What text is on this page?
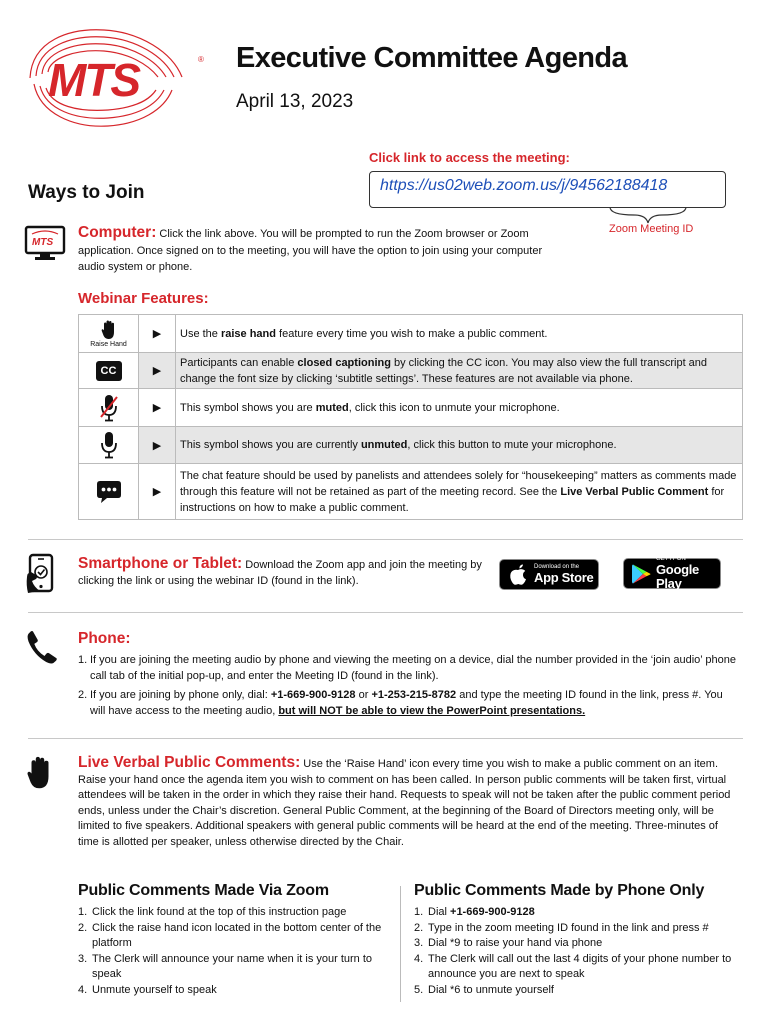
MTS	® Executive Committee Agenda
April 13, 2023
Click link to access the meeting:
https://us02web.zoom.us/j/94562188418
Zoom Meeting ID
Ways to Join
MTS

Computer: Click the link above. You will be prompted to run the Zoom browser or Zoom application. Once signed on to the meeting, you will have the option to join using your computer audio system or phone.

Webinar Features:
Raise Hand
▶ Use the raise hand feature every time you wish to make a public comment.
CC	▶
Participants can enable closed captioning by clicking the CC icon. You may also view the full transcript and change the font size by clicking ‘subtitle settings’. These features are not available via phone.
▶ This symbol shows you are muted, click this icon to unmute your microphone.
▶ This symbol shows you are currently unmuted, click this button to mute your microphone.
▶
The chat feature should be used by panelists and attendees solely for “housekeeping” matters as comments made through this feature will not be retained as part of the meeting record. See the Live Verbal Public Comment for instructions on how to make a public comment.

Smartphone or Tablet: Download the Zoom app and join the meeting by clicking the link or using the webinar ID (found in the link).

Download on the
App Store
GET IT ON
Google Play
Phone:
1. If you are joining the meeting audio by phone and viewing the meeting on a device, dial the number provided in the ‘join audio’ phone call tab of the initial pop-up, and enter the Meeting ID (found in the link).
2. If you are joining by phone only, dial: +1-669-900-9128 or +1-253-215-8782 and type the meeting ID found in the link, press #. You will have access to the meeting audio, but will NOT be able to view the PowerPoint presentations.

Live Verbal Public Comments: Use the ‘Raise Hand’ icon every time you wish to make a public comment on an item. Raise your hand once the agenda item you wish to comment on has been called. In person public comments will be taken first, virtual attendees will be taken in the order in which they raise their hand. Requests to speak will not be taken after the public comment period ends, unless under the Chair’s discretion. General Public Comment, at the beginning of the Board of Directors meeting only, will be limited to five speakers. Additional speakers with general public comments will be heard at the end of the meeting. Three-minutes of time is allotted per speaker, unless otherwise directed by the Chair.

Public Comments Made Via Zoom	Public Comments Made by Phone Only
1. Click the link found at the top of this instruction page
2. Click the raise hand icon located in the bottom center of the platform
3. The Clerk will announce your name when it is your turn to speak
4. Unmute yourself to speak
1. Dial +1-669-900-9128
2. Type in the zoom meeting ID found in the link and press #
3. Dial *9 to raise your hand via phone
4. The Clerk will call out the last 4 digits of your phone number to announce you are next to speak
5. Dial *6 to unmute yourself
